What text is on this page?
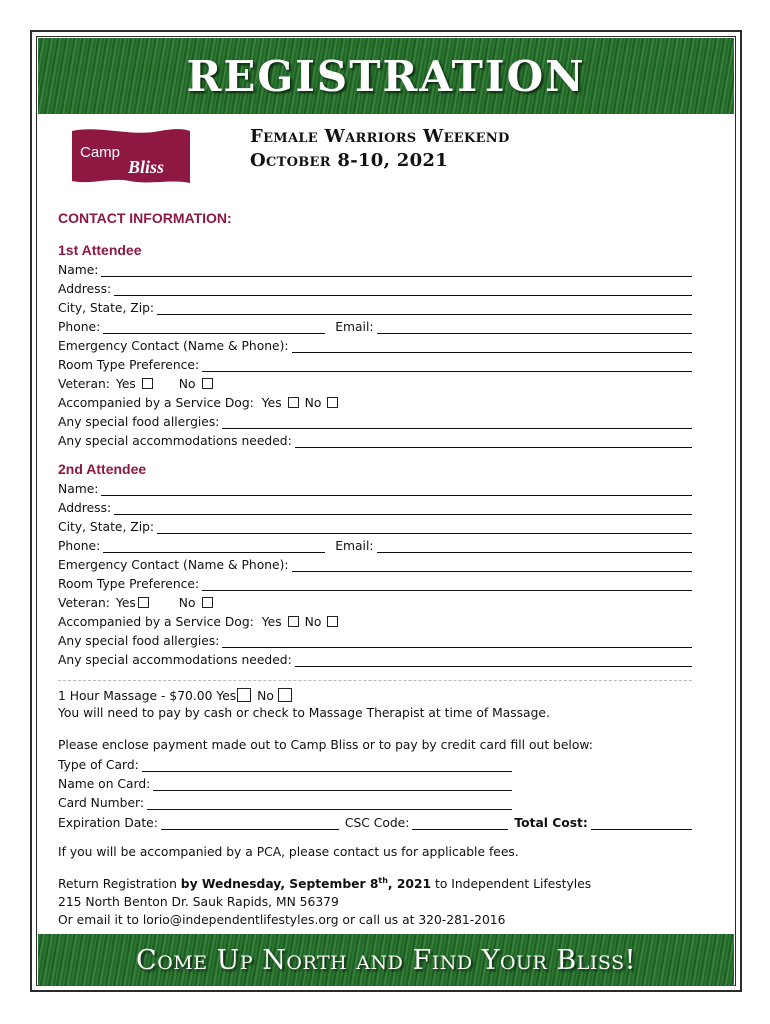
REGISTRATION
Camp
Bliss
Female Warriors Weekend
October 8-10, 2021
CONTACT INFORMATION:
1st Attendee
Name:
Address:
City, State, Zip:
Phone:	Email:
Emergency Contact (Name & Phone):
Room Type Preference:
Veteran: Yes	No
Accompanied by a Service Dog: Yes No
Any special food allergies:
Any special accommodations needed:
2nd Attendee
Name:
Address:
City, State, Zip:
Phone:	Email:
Emergency Contact (Name & Phone):
Room Type Preference:
Veteran: Yes	No
Accompanied by a Service Dog: Yes No
Any special food allergies:
Any special accommodations needed:
1 Hour Massage - $70.00 Yes No
You will need to pay by cash or check to Massage Therapist at time of Massage.
Please enclose payment made out to Camp Bliss or to pay by credit card fill out below:
Type of Card:
Name on Card:
Card Number:
Expiration Date:	CSC Code:	Total Cost:
If you will be accompanied by a PCA, please contact us for applicable fees.
Return Registration by Wednesday, September 8th, 2021 to Independent Lifestyles
215 North Benton Dr. Sauk Rapids, MN 56379
Or email it to lorio@independentlifestyles.org or call us at 320-281-2016
Come Up North and Find Your Bliss!
